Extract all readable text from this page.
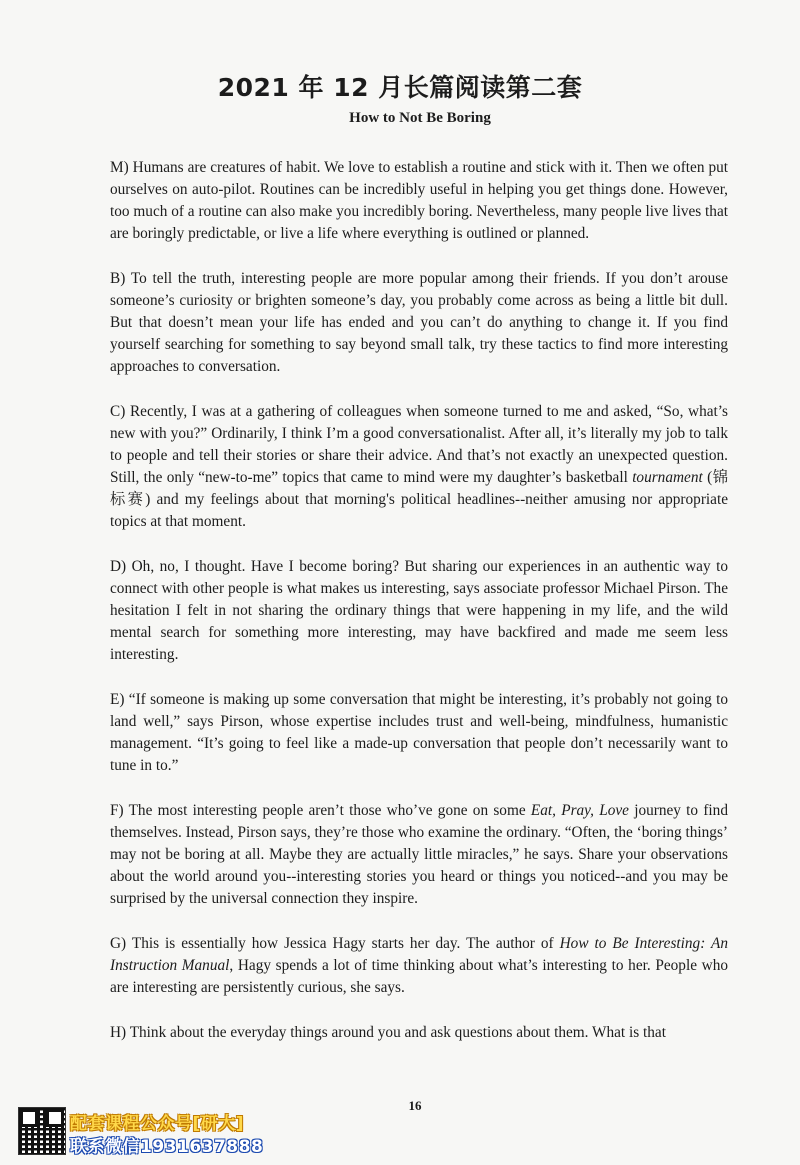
2021 年 12 月长篇阅读第二套
How to Not Be Boring

M) Humans are creatures of habit. We love to establish a routine and stick with it. Then we often put ourselves on auto-pilot. Routines can be incredibly useful in helping you get things done. However, too much of a routine can also make you incredibly boring. Nevertheless, many people live lives that are boringly predictable, or live a life where everything is outlined or planned.

B) To tell the truth, interesting people are more popular among their friends. If you don’t arouse someone’s curiosity or brighten someone’s day, you probably come across as being a little bit dull. But that doesn’t mean your life has ended and you can’t do anything to change it. If you find yourself searching for something to say beyond small talk, try these tactics to find more interesting approaches to conversation.

C) Recently, I was at a gathering of colleagues when someone turned to me and asked, “So, what’s new with you?” Ordinarily, I think I’m a good conversationalist. After all, it’s literally my job to talk to people and tell their stories or share their advice. And that’s not exactly an unexpected question. Still, the only “new-to-me” topics that came to mind were my daughter’s basketball tournament (锦标赛) and my feelings about that morning's political headlines--neither amusing nor appropriate topics at that moment.

D) Oh, no, I thought. Have I become boring? But sharing our experiences in an authentic way to connect with other people is what makes us interesting, says associate professor Michael Pirson. The hesitation I felt in not sharing the ordinary things that were happening in my life, and the wild mental search for something more interesting, may have backfired and made me seem less interesting.

E) “If someone is making up some conversation that might be interesting, it’s probably not going to land well,” says Pirson, whose expertise includes trust and well-being, mindfulness, humanistic management. “It’s going to feel like a made-up conversation that people don’t necessarily want to tune in to.”

F) The most interesting people aren’t those who’ve gone on some Eat, Pray, Love journey to find themselves. Instead, Pirson says, they’re those who examine the ordinary. “Often, the ‘boring things’ may not be boring at all. Maybe they are actually little miracles,” he says. Share your observations about the world around you--interesting stories you heard or things you noticed--and you may be surprised by the universal connection they inspire.

G) This is essentially how Jessica Hagy starts her day. The author of How to Be Interesting: An Instruction Manual, Hagy spends a lot of time thinking about what’s interesting to her. People who are interesting are persistently curious, she says.

H) Think about the everyday things around you and ask questions about them. What is that

16
配套课程公众号[研大]
联系微信1931637888
